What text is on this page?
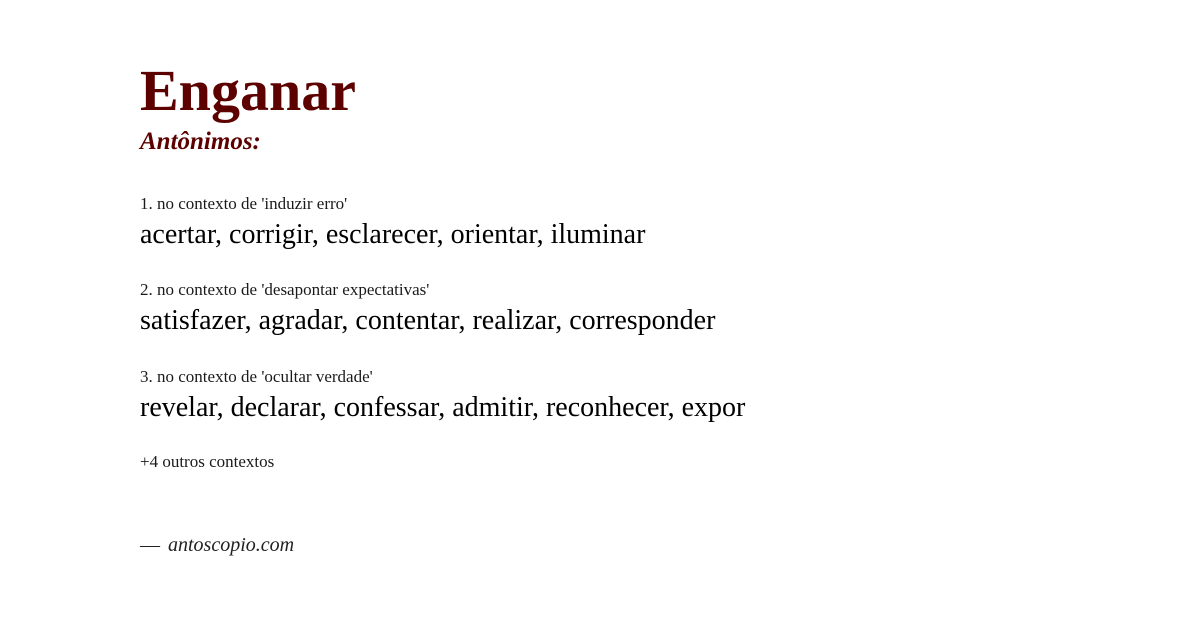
Enganar
Antônimos:

1. no contexto de 'induzir erro'

acertar, corrigir, esclarecer, orientar, iluminar

2. no contexto de 'desapontar expectativas'

satisfazer, agradar, contentar, realizar, corresponder

3. no contexto de 'ocultar verdade'

revelar, declarar, confessar, admitir, reconhecer, expor

+4 outros contextos
— antoscopio.com
